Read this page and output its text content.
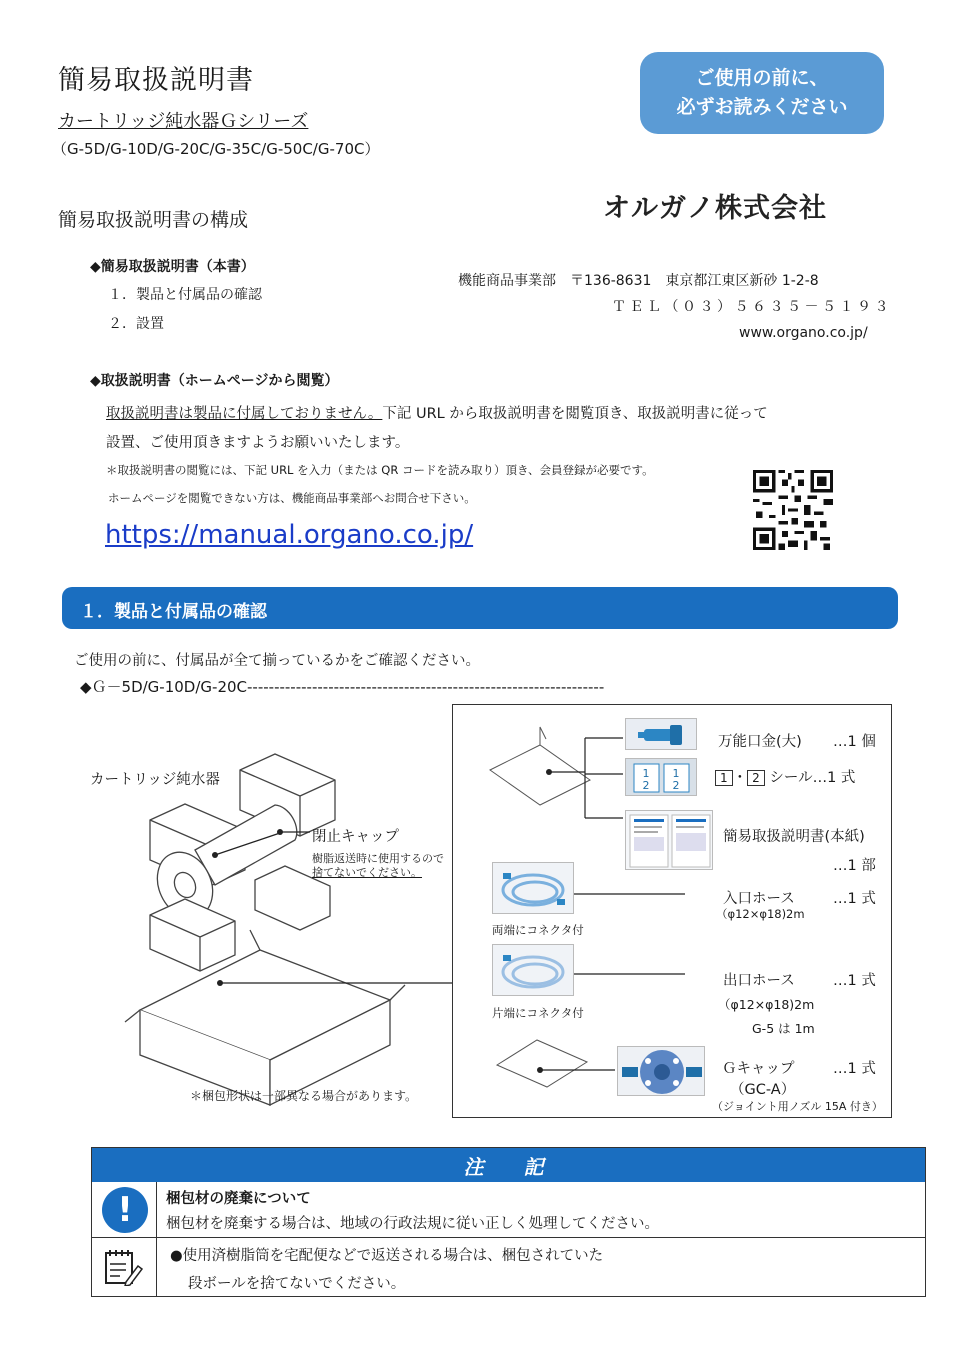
簡易取扱説明書
カートリッジ純水器Ｇシリーズ
（G-5D/G-10D/G-20C/G-35C/G-50C/G-70C）
ご使用の前に、
必ずお読みください
オルガノ株式会社
簡易取扱説明書の構成
◆簡易取扱説明書（本書）
１．製品と付属品の確認
２．設置
機能商品事業部　〒136-8631　東京都江東区新砂 1-2-8
ＴＥＬ（０３）５６３５－５１９３
www.organo.co.jp/
◆取扱説明書（ホームページから閲覧）
取扱説明書は製品に付属しておりません。下記 URL から取扱説明書を閲覧頂き、取扱説明書に従って
設置、ご使用頂きますようお願いいたします。
＊取扱説明書の閲覧には、下記 URL を入力（または QR コードを読み取り）頂き、会員登録が必要です。
ホームページを閲覧できない方は、機能商品事業部へお問合せ下さい。
https://manual.organo.co.jp/
１．製品と付属品の確認
ご使用の前に、付属品が全て揃っているかをご確認ください。
◆Ｇ－5D/G-10D/G-20C------------------------------------------------------------------
カートリッジ純水器
閉止キャップ
樹脂返送時に使用するので
捨てないでください。
＊梱包形状は一部異なる場合があります。
万能口金(大) …1 個
1
2
1
2
1 ・ 2 シール…1 式
簡易取扱説明書(本紙)
…1 部
両端にコネクタ付
入口ホース	…1 式
（φ12×φ18)2m
片端にコネクタ付
出口ホース	…1 式
（φ12×φ18)2m
G-5 は 1m
Ｇキャップ	…1 式
（GC-A）
（ジョイント用ノズル 15A 付き）
注　記
!	梱包材の廃棄について
梱包材を廃棄する場合は、地域の行政法規に従い正しく処理してください。
●使用済樹脂筒を宅配便などで返送される場合は、梱包されていた
段ボールを捨てないでください。
